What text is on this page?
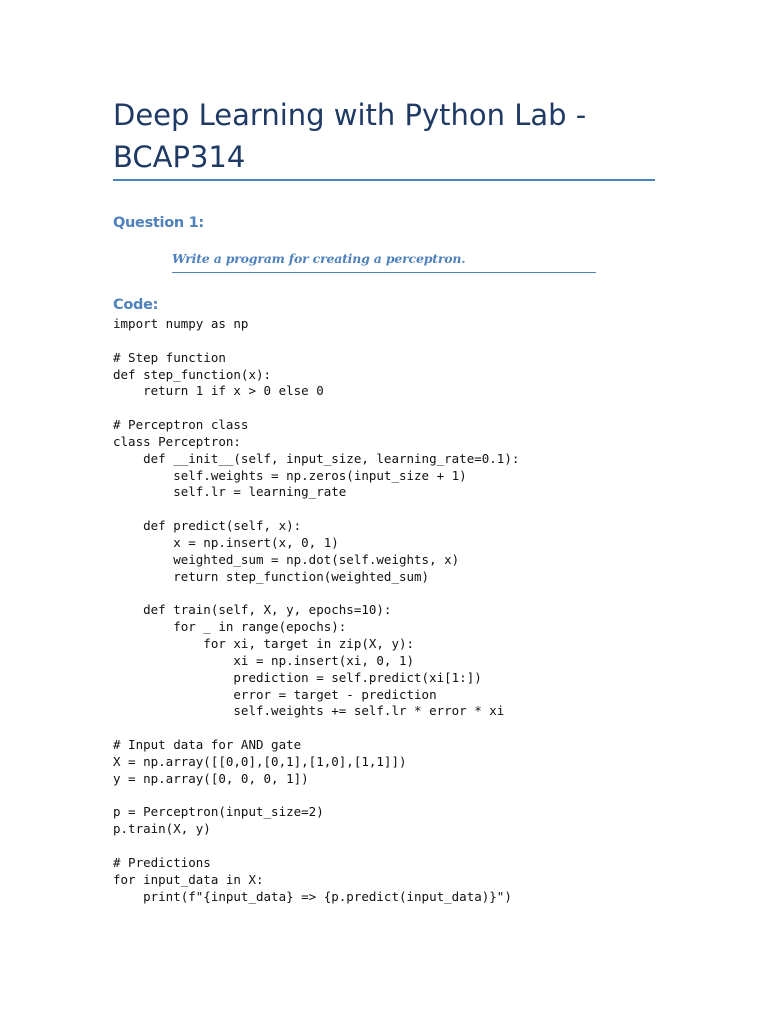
Deep Learning with Python Lab - BCAP314
Question 1:
Write a program for creating a perceptron.
Code:
import numpy as np
# Step function
def step_function(x):
return 1 if x > 0 else 0
# Perceptron class
class Perceptron:
def __init__(self, input_size, learning_rate=0.1):
self.weights = np.zeros(input_size + 1)
self.lr = learning_rate
def predict(self, x):
x = np.insert(x, 0, 1)
weighted_sum = np.dot(self.weights, x)
return step_function(weighted_sum)
def train(self, X, y, epochs=10):
for _ in range(epochs):
for xi, target in zip(X, y):
xi = np.insert(xi, 0, 1)
prediction = self.predict(xi[1:])
error = target - prediction
self.weights += self.lr * error * xi
# Input data for AND gate
X = np.array([[0,0],[0,1],[1,0],[1,1]])
y = np.array([0, 0, 0, 1])
p = Perceptron(input_size=2)
p.train(X, y)
# Predictions
for input_data in X:
print(f"{input_data} => {p.predict(input_data)}")
